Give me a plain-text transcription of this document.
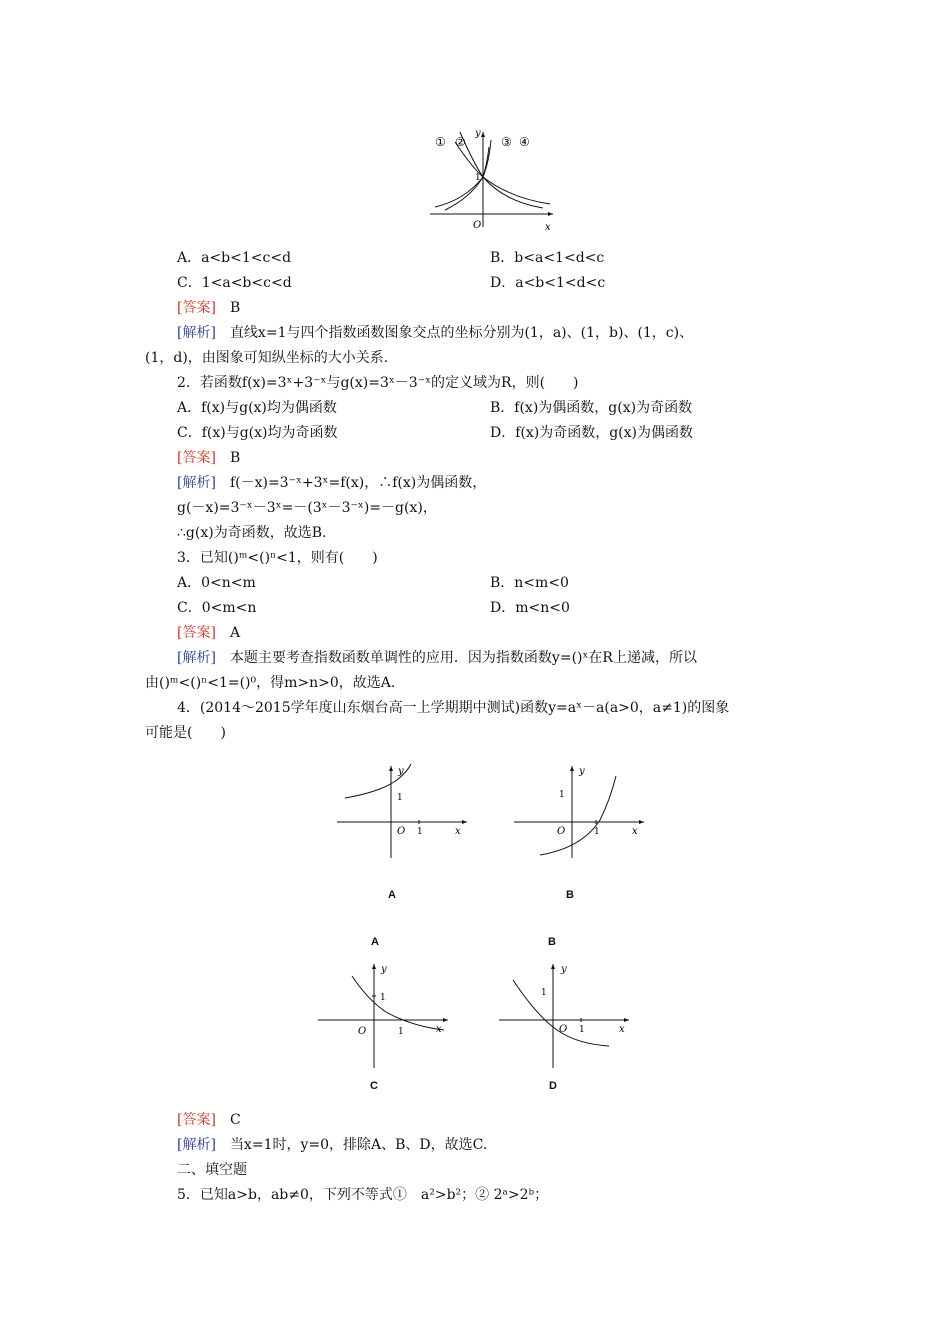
① ②	③ ④
y
x
O
1
A．a<b<1<c<d	B．b<a<1<d<c
C．1<a<b<c<d	D．a<b<1<d<c
[答案]　 B
[解析]　 直线x=1与四个指数函数图象交点的坐标分别为(1，a)、(1，b)、(1，c)、
(1，d)，由图象可知纵坐标的大小关系.
2．若函数f(x)=3ˣ+3⁻ˣ与g(x)=3ˣ－3⁻ˣ的定义域为R，则(　　)
A．f(x)与g(x)均为偶函数	B．f(x)为偶函数，g(x)为奇函数
C．f(x)与g(x)均为奇函数	D．f(x)为奇函数，g(x)为偶函数
[答案]　 B
[解析]　 f(－x)=3⁻ˣ+3ˣ=f(x)，∴f(x)为偶函数，
g(－x)=3⁻ˣ－3ˣ=－(3ˣ－3⁻ˣ)=－g(x)，
∴g(x)为奇函数，故选B.
3．已知()ᵐ<()ⁿ<1，则有(　　)
A．0<n<m	B．n<m<0
C．0<m<n	D．m<n<0
[答案]　 A
[解析]　 本题主要考查指数函数单调性的应用．因为指数函数y=()ˣ在R上递减，所以
由()ᵐ<()ⁿ<1=()⁰，得m>n>0，故选A.
4．(2014～2015学年度山东烟台高一上学期期中测试)函数y=aˣ－a(a>0，a≠1)的图象
可能是(　　)
y
x
O 1
1
A
y
x
O	1
1
B
A	B
y
x
O	1
1
C
y
x
O 1
1
D
[答案]　 C
[解析]　 当x=1时，y=0，排除A、B、D，故选C.
二、填空题
5．已知a>b，ab≠0，下列不等式①　a²>b²；② 2ᵃ>2ᵇ；
